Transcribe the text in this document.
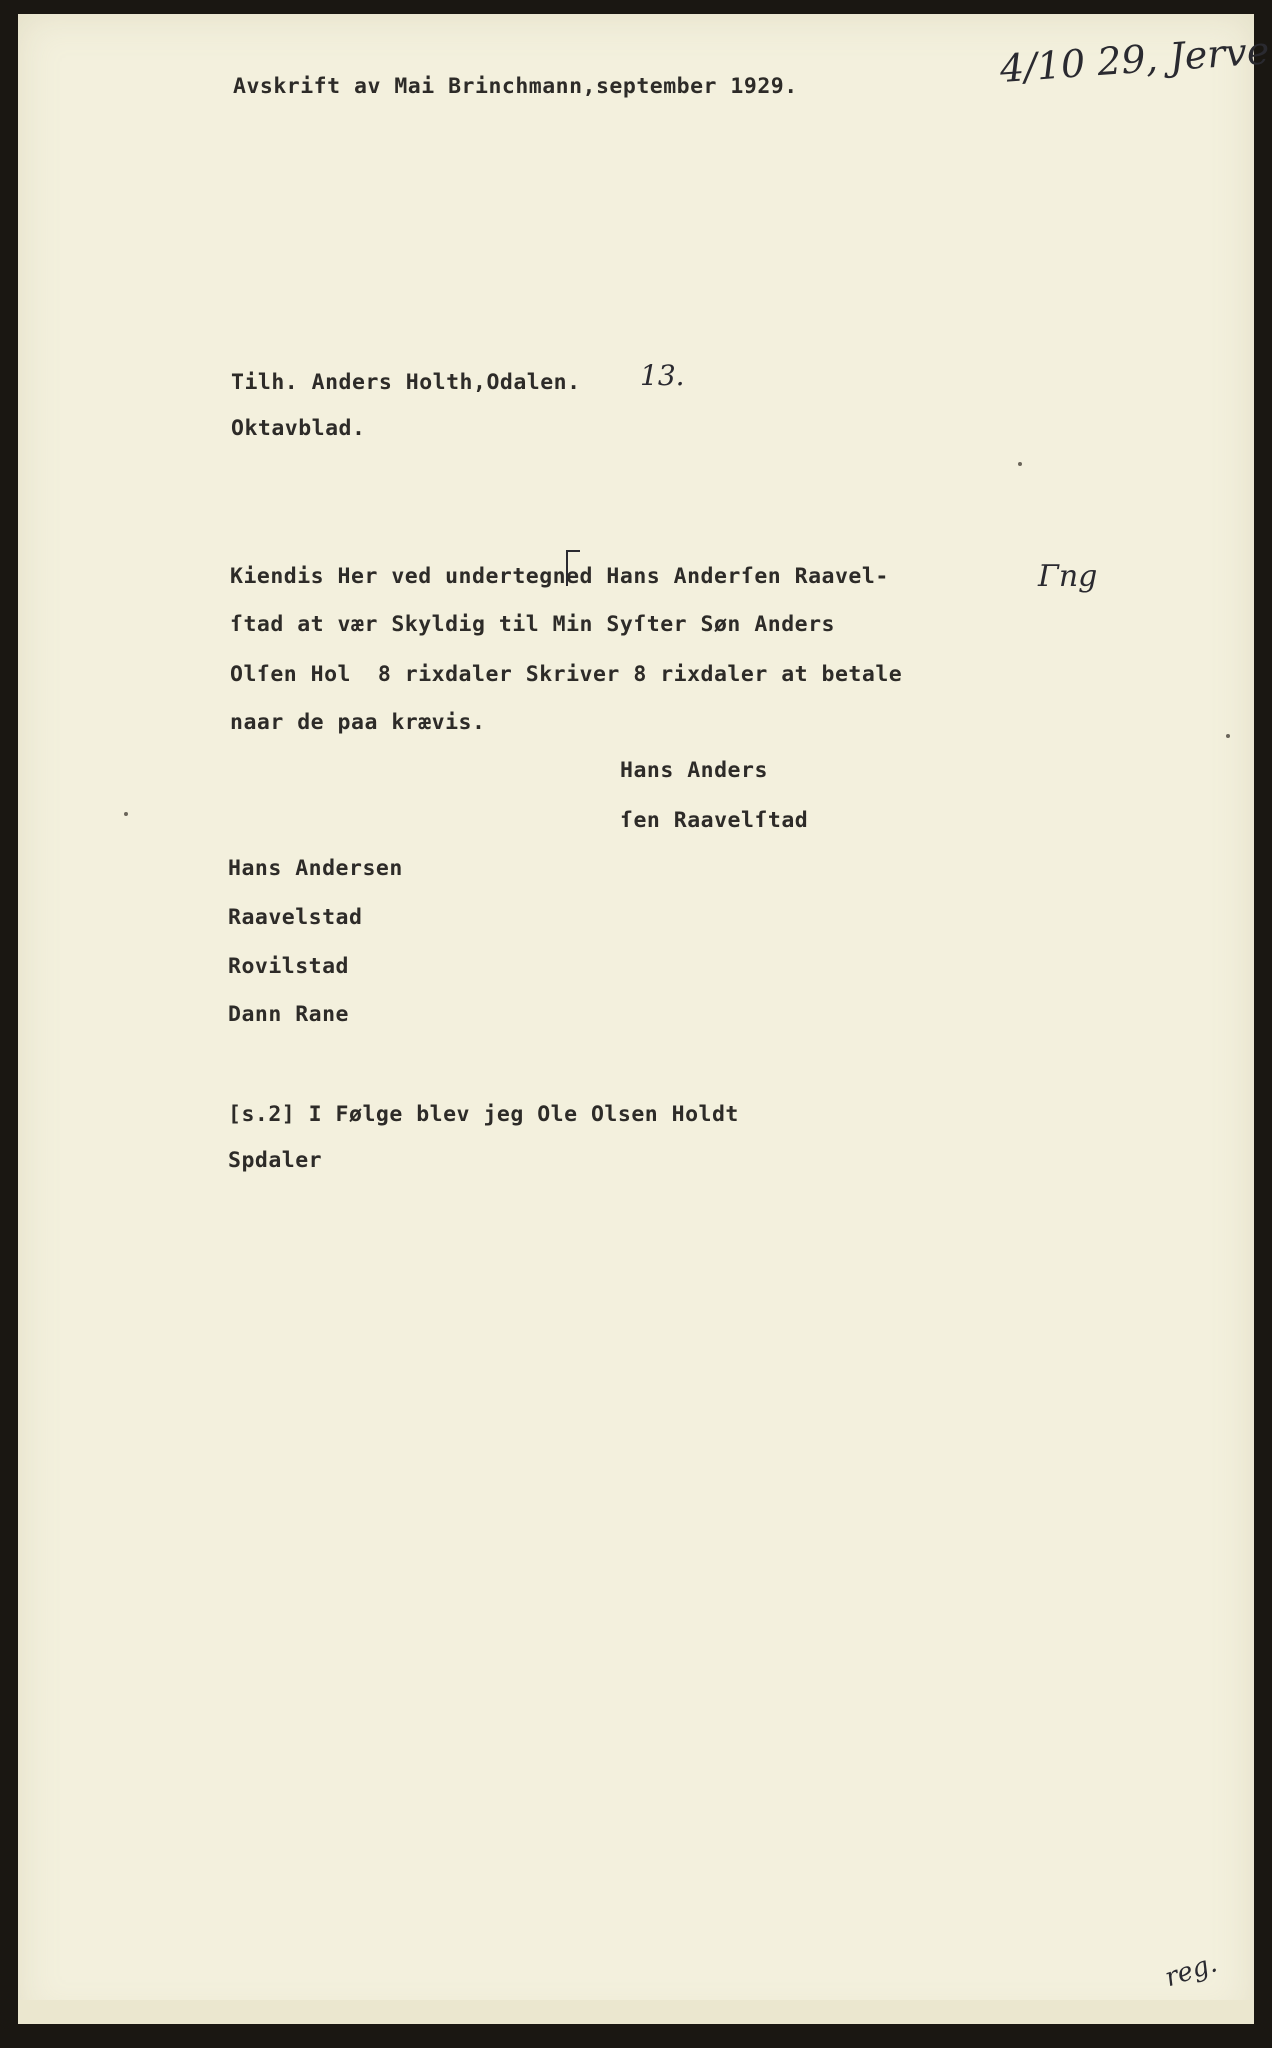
Avskrift av Mai Brinchmann,september 1929.	4/10 29, Jerve
Tilh. Anders Holth,Odalen. 13.
Oktavblad.
Kiendis Her ved undertegned Hans Anderſen Raavel-
ſtad at vær Skyldig til Min Syſter Søn Anders
Olſen Hol  8 rixdaler Skriver 8 rixdaler at betale
naar de paa krævis.
Γng
Hans Anders
ſen Raavelſtad
Hans Andersen
Raavelstad
Rovilstad
Dann Rane
[s.2] I Følge blev jeg Ole Olsen Holdt
Spdaler
reg.
